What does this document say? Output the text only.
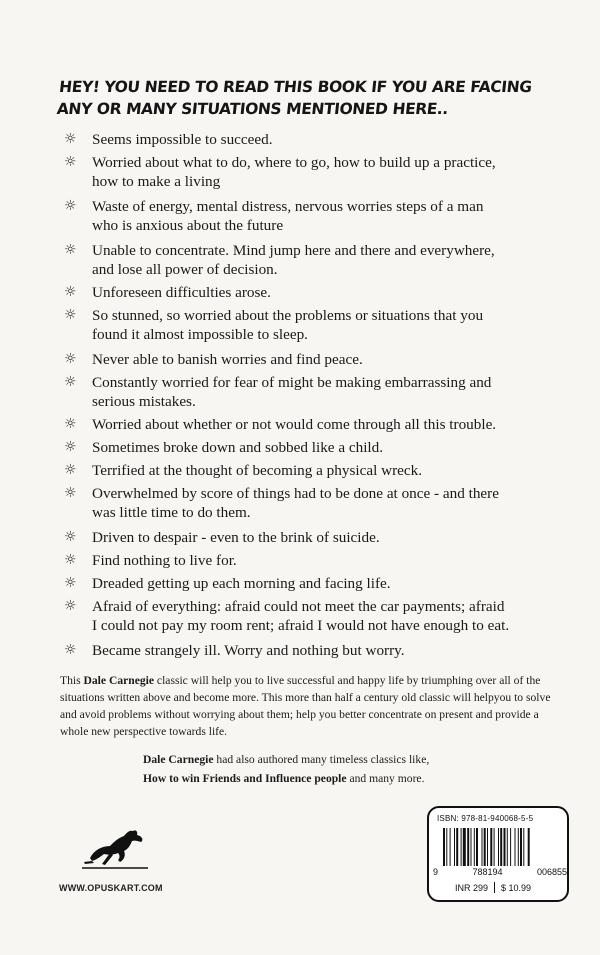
HEY! YOU NEED TO READ THIS BOOK IF YOU ARE FACING
ANY OR MANY SITUATIONS MENTIONED HERE..
☼	Seems impossible to succeed.
☼	Worried about what to do, where to go, how to build up a practice,
how to make a living
☼	Waste of energy, mental distress, nervous worries steps of a man
who is anxious about the future
☼	Unable to concentrate. Mind jump here and there and everywhere,
and lose all power of decision.
☼	Unforeseen difficulties arose.
☼	So stunned, so worried about the problems or situations that you
found it almost impossible to sleep.
☼	Never able to banish worries and find peace.
☼	Constantly worried for fear of might be making embarrassing and
serious mistakes.
☼	Worried about whether or not would come through all this trouble.
☼	Sometimes broke down and sobbed like a child.
☼	Terrified at the thought of becoming a physical wreck.
☼	Overwhelmed by score of things had to be done at once - and there
was little time to do them.
☼	Driven to despair - even to the brink of suicide.
☼	Find nothing to live for.
☼	Dreaded getting up each morning and facing life.
☼	Afraid of everything: afraid could not meet the car payments; afraid
I could not pay my room rent; afraid I would not have enough to eat.
☼	Became strangely ill. Worry and nothing but worry.
This Dale Carnegie classic will help you to live successful and happy life by triumphing over all of the situations written above and become more. This more than half a century old classic will helpyou to solve and avoid problems without worrying about them; help you better concentrate on present and provide a whole new perspective towards life.
Dale Carnegie had also authored many timeless classics like,
How to win Friends and Influence people and many more.
WWW.OPUSKART.COM
ISBN: 978-81-940068-5-5
9	788194	006855
INR 299 $ 10.99
